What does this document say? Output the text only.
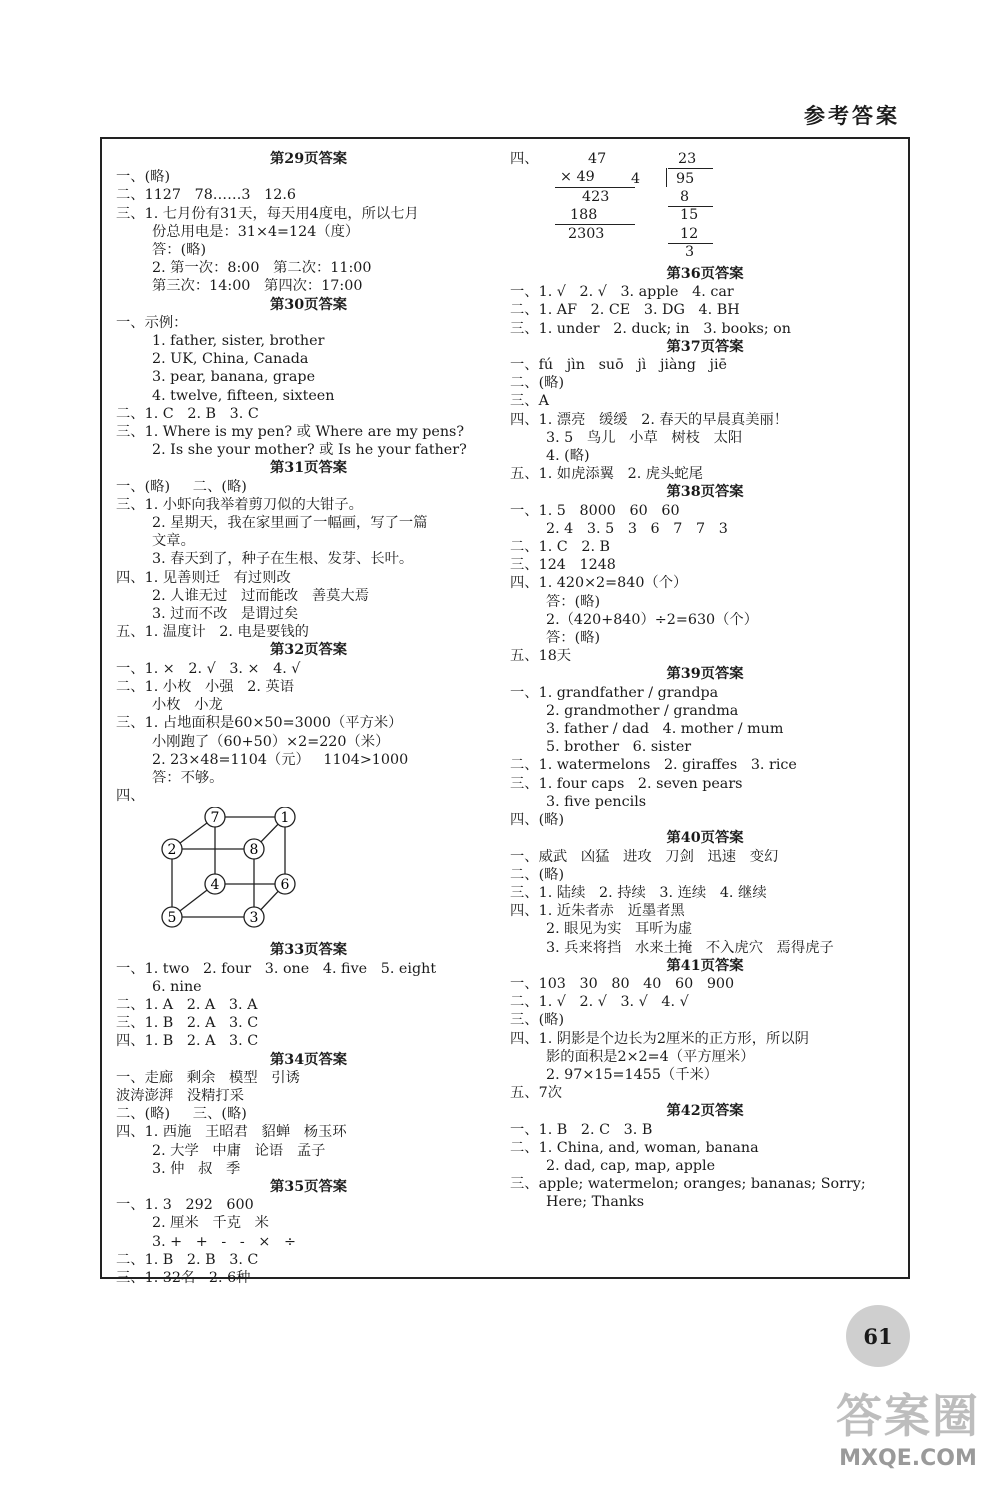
参考答案
第29页答案
一、(略)
二、1127   78……3   12.6
三、1. 七月份有31天，每天用4度电，所以七月
份总用电是：31×4=124（度）
答：(略)
2. 第一次：8:00   第二次：11:00
第三次：14:00   第四次：17:00
第30页答案
一、示例：
1. father, sister, brother
2. UK, China, Canada
3. pear, banana, grape
4. twelve, fifteen, sixteen
二、1. C   2. B   3. C
三、1. Where is my pen? 或 Where are my pens?
2. Is she your mother? 或 Is he your father?
第31页答案
一、(略)     二、(略)
三、1. 小虾向我举着剪刀似的大钳子。
2. 星期天，我在家里画了一幅画，写了一篇
文章。
3. 春天到了，种子在生根、发芽、长叶。
四、1. 见善则迁   有过则改
2. 人谁无过   过而能改   善莫大焉
3. 过而不改   是谓过矣
五、1. 温度计   2. 电是要钱的
第32页答案
一、1. ×   2. √   3. ×   4. √
二、1. 小枚   小强   2. 英语
小枚   小龙
三、1. 占地面积是60×50=3000（平方米）
小刚跑了（60+50）×2=220（米）
2. 23×48=1104（元）   1104>1000
答：不够。
四、
7	1
2	8
4	6
5	3
第33页答案
一、1. two   2. four   3. one   4. five   5. eight
6. nine
二、1. A   2. A   3. A
三、1. B   2. A   3. C
四、1. B   2. A   3. C
第34页答案
一、走廊   剩余   模型   引诱
波涛澎湃   没精打采
二、(略)     三、(略)
四、1. 西施   王昭君   貂蝉   杨玉环
2. 大学   中庸   论语   孟子
3. 仲   叔   季
第35页答案
一、1. 3   292   600
2. 厘米   千克   米
3. +   +   -   -   ×   ÷
二、1. B   2. B   3. C
三、1. 32名   2. 6种
四、	47
× 49
423
188
2303
23
4	95
8
15
12
3
第36页答案
一、1. √   2. √   3. apple   4. car
二、1. AF   2. CE   3. DG   4. BH
三、1. under   2. duck; in   3. books; on
第37页答案
一、fú   jìn   suō   jì   jiàng   jiē
二、(略)
三、A
四、1. 漂亮   缓缓   2. 春天的早晨真美丽！
3. 5   鸟儿   小草   树枝   太阳
4. (略)
五、1. 如虎添翼   2. 虎头蛇尾
第38页答案
一、1. 5   8000   60   60
2. 4   3. 5   3   6   7   7   3
二、1. C   2. B
三、124   1248
四、1. 420×2=840（个）
答：(略)
2.（420+840）÷2=630（个）
答：(略)
五、18天
第39页答案
一、1. grandfather / grandpa
2. grandmother / grandma
3. father / dad   4. mother / mum
5. brother   6. sister
二、1. watermelons   2. giraffes   3. rice
三、1. four caps   2. seven pears
3. five pencils
四、(略)
第40页答案
一、威武   凶猛   进攻   刀剑   迅速   变幻
二、(略)
三、1. 陆续   2. 持续   3. 连续   4. 继续
四、1. 近朱者赤   近墨者黑
2. 眼见为实   耳听为虚
3. 兵来将挡   水来土掩   不入虎穴   焉得虎子
第41页答案
一、103   30   80   40   60   900
二、1. √   2. √   3. √   4. √
三、(略)
四、1. 阴影是个边长为2厘米的正方形，所以阴
影的面积是2×2=4（平方厘米）
2. 97×15=1455（千米）
五、7次
第42页答案
一、1. B   2. C   3. B
二、1. China, and, woman, banana
2. dad, cap, map, apple
三、apple; watermelon; oranges; bananas; Sorry;
Here; Thanks
61
答案圈
MXQE.COM
